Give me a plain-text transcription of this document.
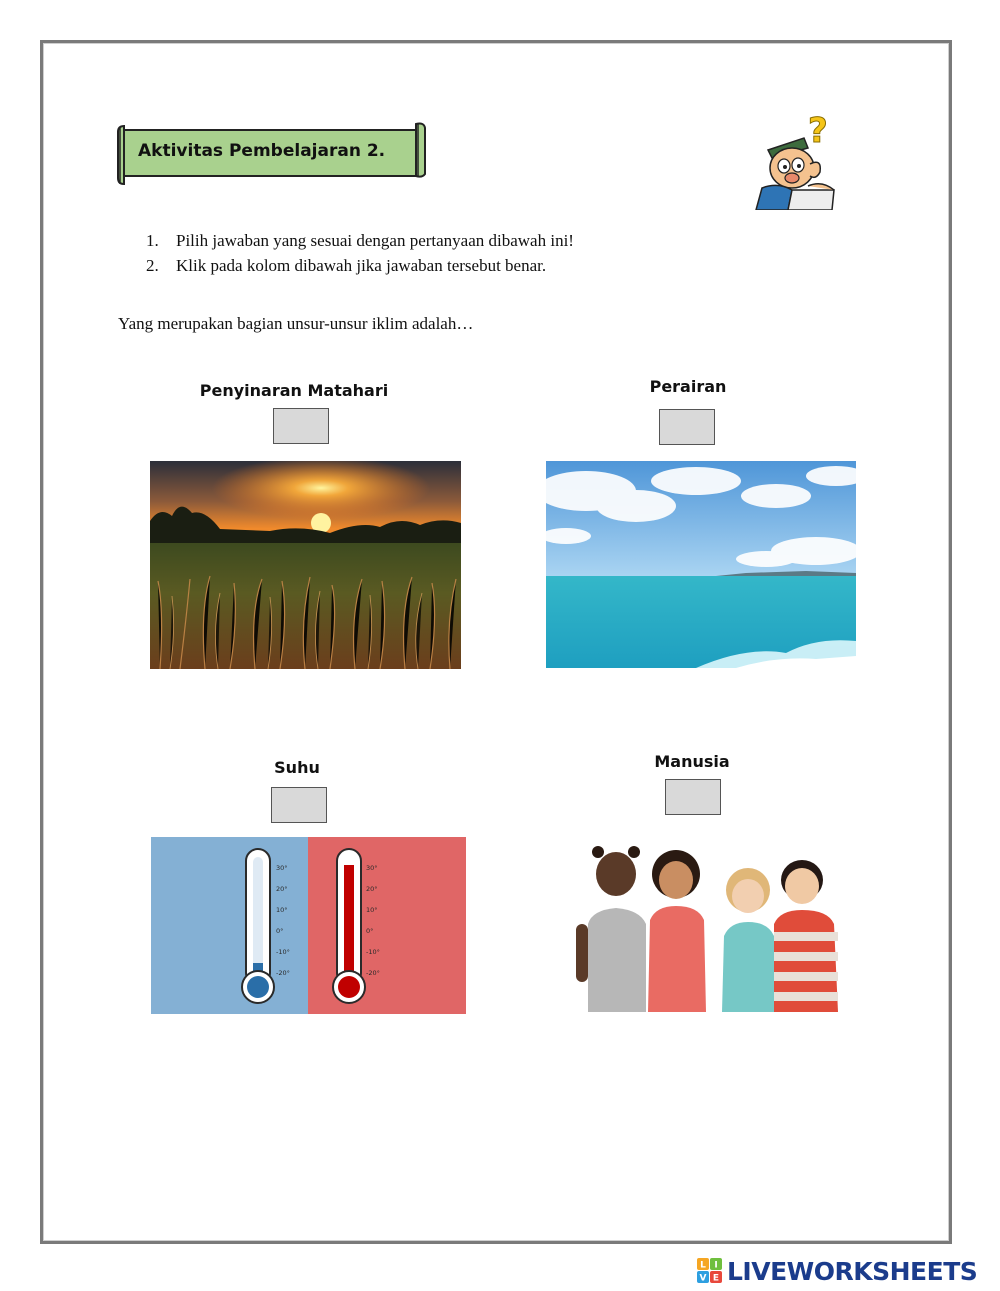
Aktivitas Pembelajaran 2.	?
1. Pilih jawaban yang sesuai dengan pertanyaan dibawah ini!
2. Klik pada kolom dibawah jika jawaban tersebut benar.
Yang merupakan bagian unsur-unsur iklim adalah…
Penyinaran Matahari	Perairan
Suhu
30°
20°
10°
0°
-10°
-20°
30°
20°
10°
0°
-10°
-20°
Manusia
L I
V E LIVEWORKSHEETS
